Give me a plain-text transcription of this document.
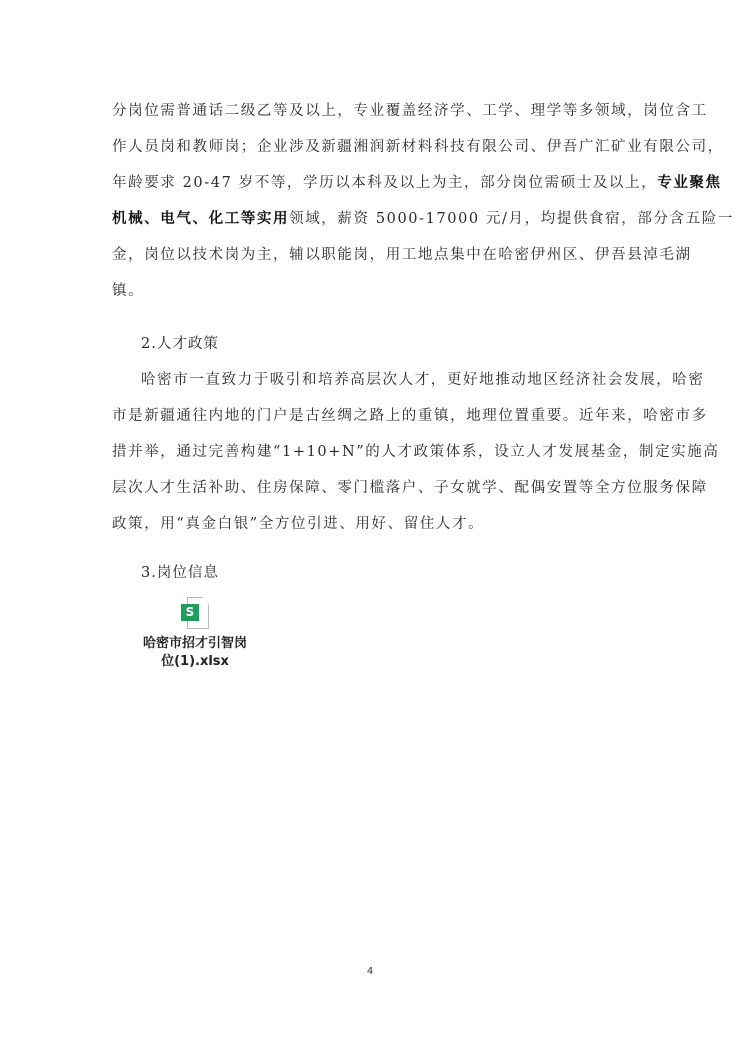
分岗位需普通话二级乙等及以上，专业覆盖经济学、工学、理学等多领域，岗位含工
作人员岗和教师岗；企业涉及新疆湘润新材料科技有限公司、伊吾广汇矿业有限公司，
年龄要求 20-47 岁不等，学历以本科及以上为主，部分岗位需硕士及以上，专业聚焦
机械、电气、化工等实用领域，薪资 5000-17000 元/月，均提供食宿，部分含五险一
金，岗位以技术岗为主，辅以职能岗，用工地点集中在哈密伊州区、伊吾县淖毛湖
镇。
2.人才政策
哈密市一直致力于吸引和培养高层次人才，更好地推动地区经济社会发展，哈密
市是新疆通往内地的门户是古丝绸之路上的重镇，地理位置重要。近年来，哈密市多
措并举，通过完善构建“1+10+N”的人才政策体系，设立人才发展基金，制定实施高
层次人才生活补助、住房保障、零门槛落户、子女就学、配偶安置等全方位服务保障
政策，用“真金白银”全方位引进、用好、留住人才。
3.岗位信息
S
哈密市招才引智岗
位(1).xlsx
4
